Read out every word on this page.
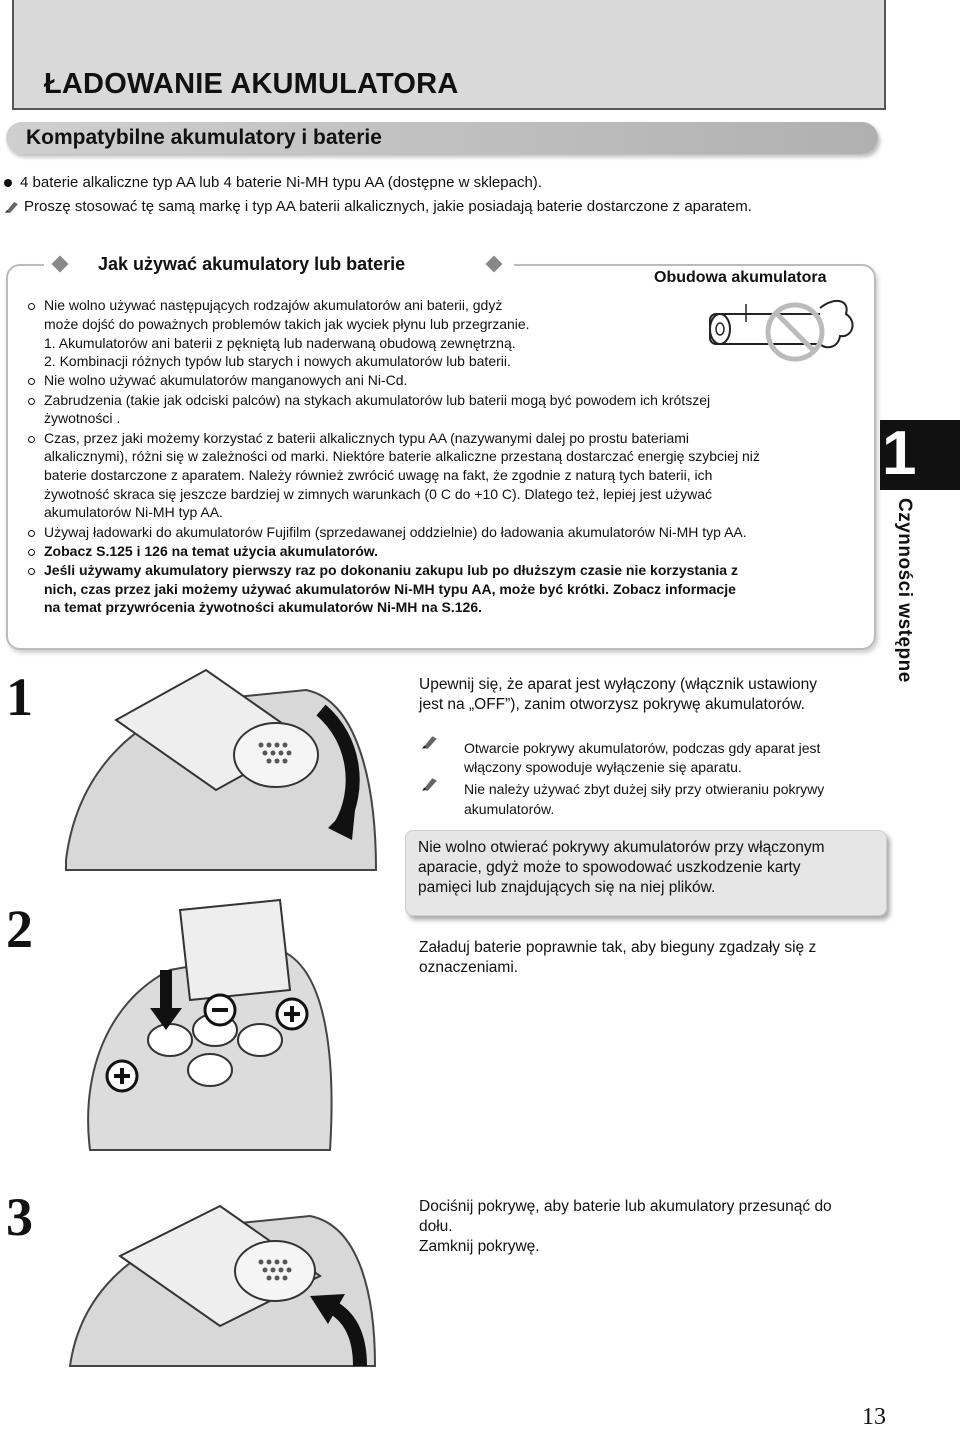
ŁADOWANIE AKUMULATORA
Kompatybilne akumulatory i baterie
4 baterie alkaliczne typ AA lub 4 baterie Ni-MH typu AA (dostępne w sklepach).
Proszę stosować tę samą markę i typ AA baterii alkalicznych, jakie posiadają baterie dostarczone z aparatem.
Jak używać akumulatory lub baterie
Obudowa akumulatora
Nie wolno używać następujących rodzajów akumulatorów ani baterii, gdyż
może dojść do poważnych problemów takich jak wyciek płynu lub przegrzanie.
1. Akumulatorów ani baterii z pękniętą lub naderwaną obudową zewnętrzną.
2. Kombinacji różnych typów lub starych i nowych akumulatorów lub baterii.
Nie wolno używać akumulatorów manganowych ani Ni-Cd.
Zabrudzenia (takie jak odciski palców) na stykach akumulatorów lub baterii mogą być powodem ich krótszej
żywotności .
Czas, przez jaki możemy korzystać z baterii alkalicznych typu AA (nazywanymi dalej po prostu bateriami
alkalicznymi), różni się w zależności od marki. Niektóre baterie alkaliczne przestaną dostarczać energię szybciej niż
baterie dostarczone z aparatem. Należy również zwrócić uwagę na fakt, że zgodnie z naturą tych baterii, ich
żywotność skraca się jeszcze bardziej w zimnych warunkach (0 C do +10 C). Dlatego też, lepiej jest używać
akumulatorów Ni-MH typ AA.
Używaj ładowarki do akumulatorów Fujifilm (sprzedawanej oddzielnie) do ładowania akumulatorów Ni-MH typ AA.
Zobacz S.125 i 126 na temat użycia akumulatorów.
Jeśli używamy akumulatory pierwszy raz po dokonaniu zakupu lub po dłuższym czasie nie korzystania z
nich, czas przez jaki możemy używać akumulatorów Ni-MH typu AA, może być krótki. Zobacz informacje
na temat przywrócenia żywotności akumulatorów Ni-MH na S.126.
1
Czynności wstępne
1	Upewnij się, że aparat jest wyłączony (włącznik ustawiony
jest na „OFF”), zanim otworzysz pokrywę akumulatorów.
Otwarcie pokrywy akumulatorów, podczas gdy aparat jest
włączony spowoduje wyłączenie się aparatu.
Nie należy używać zbyt dużej siły przy otwieraniu pokrywy
akumulatorów.
Nie wolno otwierać pokrywy akumulatorów przy włączonym
aparacie, gdyż może to spowodować uszkodzenie karty
pamięci lub znajdujących się na niej plików.
2	Załaduj baterie poprawnie tak, aby bieguny zgadzały się z
oznaczeniami.
3	Dociśnij pokrywę, aby baterie lub akumulatory przesunąć do
dołu.
Zamknij pokrywę.
13
